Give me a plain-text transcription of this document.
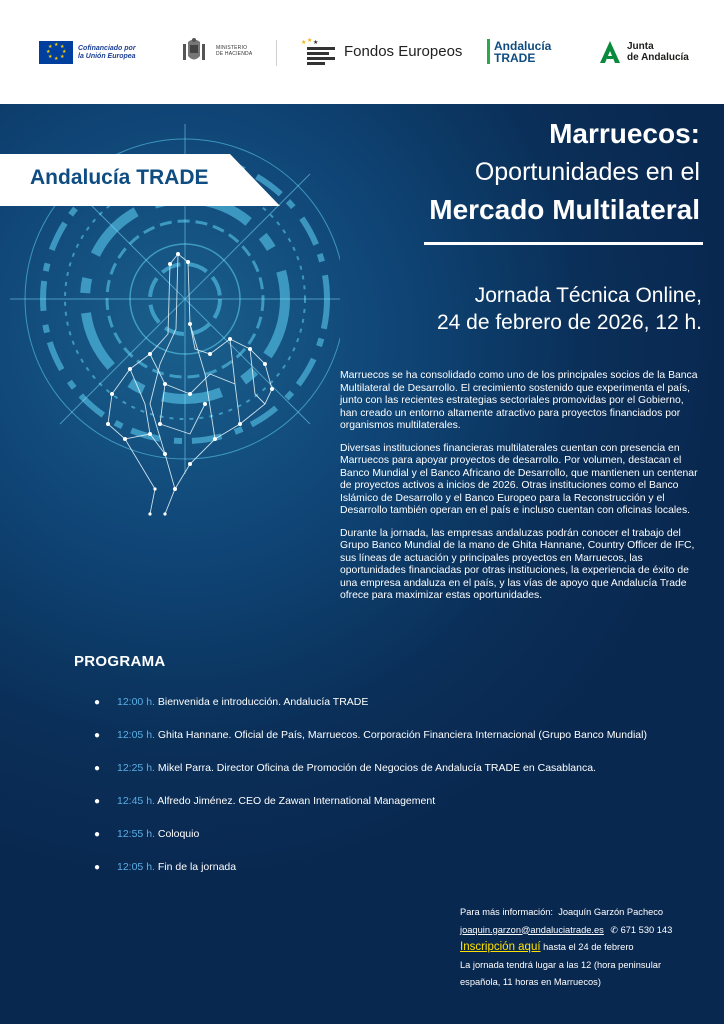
★ ★
★
★
★
★
★
★	Cofinanciado por
la Unión Europea
MINISTERIO
DE HACIENDA
★ ★ ★ Fondos Europeos	Andalucía
TRADE
Junta
de Andalucía
Andalucía TRADE
Marruecos:
Oportunidades en el
Mercado Multilateral
Jornada Técnica Online,
24 de febrero de 2026, 12 h.

Marruecos se ha consolidado como uno de los principales socios de la Banca Multilateral de Desarrollo. El crecimiento sostenido que experimenta el país, junto con las recientes estrategias sectoriales promovidas por el Gobierno, han creado un entorno altamente atractivo para proyectos financiados por organismos multilaterales.

Diversas instituciones financieras multilaterales cuentan con presencia en Marruecos para apoyar proyectos de desarrollo. Por volumen, destacan el Banco Mundial y el Banco Africano de Desarrollo, que mantienen un centenar de proyectos activos a inicios de 2026. Otras instituciones como el Banco Islámico de Desarrollo y el Banco Europeo para la Reconstrucción y el Desarrollo también operan en el país e incluso cuentan con oficinas locales.

Durante la jornada, las empresas andaluzas podrán conocer el trabajo del Grupo Banco Mundial de la mano de Ghita Hannane, Country Officer de IFC, sus líneas de actuación y principales proyectos en Marruecos, las oportunidades financiadas por otras instituciones, la experiencia de éxito de una empresa andaluza en el país, y las vías de apoyo que Andalucía Trade ofrece para maximizar estas oportunidades.

PROGRAMA
● 12:00 h. Bienvenida e introducción. Andalucía TRADE
● 12:05 h. Ghita Hannane. Oficial de País, Marruecos. Corporación Financiera Internacional (Grupo Banco Mundial)
● 12:25 h. Mikel Parra. Director Oficina de Promoción de Negocios de Andalucía TRADE en Casablanca.
● 12:45 h. Alfredo Jiménez. CEO de Zawan International Management
● 12:55 h. Coloquio
● 12:05 h. Fin de la jornada
Para más información: Joaquín Garzón Pacheco
joaquin.garzon@andaluciatrade.es ✆ 671 530 143
Inscripción aquí hasta el 24 de febrero
La jornada tendrá lugar a las 12 (hora peninsular
española, 11 horas en Marruecos)
